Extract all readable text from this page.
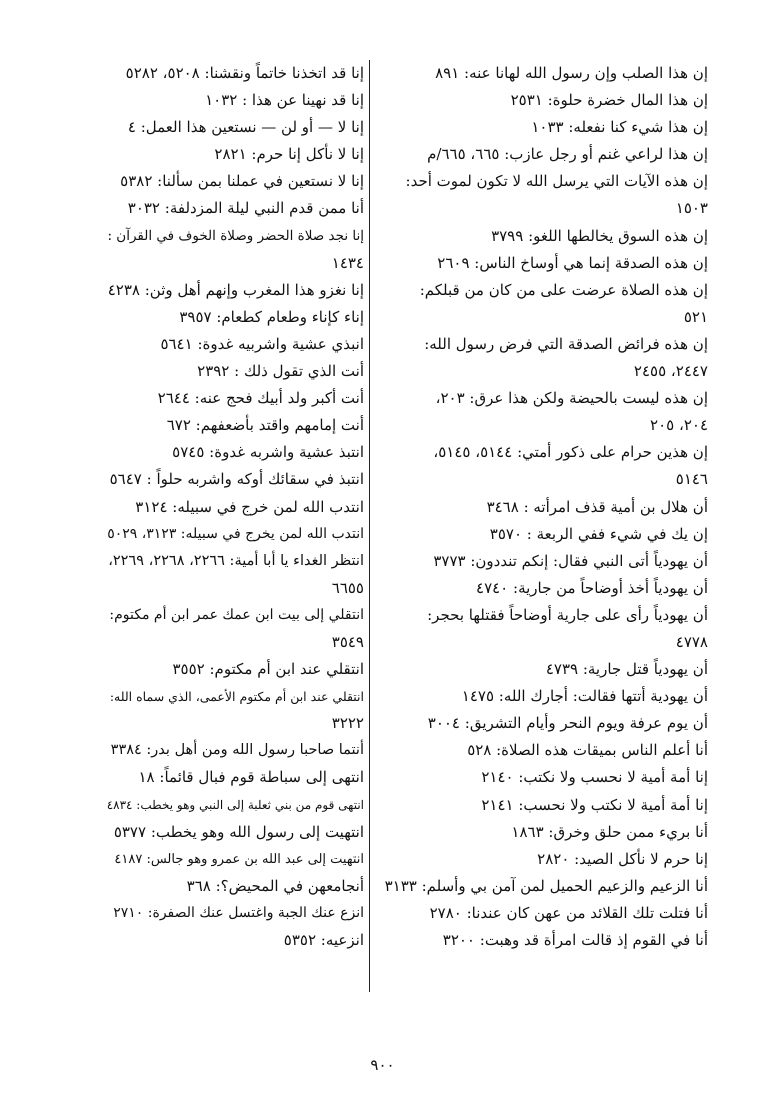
إن هذا الصلب وإن رسول الله لهانا عنه: ٨٩١

إن هذا المال خضرة حلوة: ٢٥٣١

إن هذا شيء كنا نفعله: ١٠٣٣

إن هذا لراعي غنم أو رجل عازب: ٦٦٥، ٦٦٥/م

إن هذه الآيات التي يرسل الله لا تكون لموت أحد:

١٥٠٣

إن هذه السوق يخالطها اللغو: ٣٧٩٩

إن هذه الصدقة إنما هي أوساخ الناس: ٢٦٠٩

إن هذه الصلاة عرضت على من كان من قبلكم:

٥٢١

إن هذه فرائض الصدقة التي فرض رسول الله:

٢٤٤٧، ٢٤٥٥

إن هذه ليست بالحيضة ولكن هذا عرق: ٢٠٣،

٢٠٤، ٢٠٥

إن هذين حرام على ذكور أمتي: ٥١٤٤، ٥١٤٥،

٥١٤٦

أن هلال بن أمية قذف امرأته : ٣٤٦٨

إن يك في شيء ففي الربعة : ٣٥٧٠

أن يهودياً أتى النبي فقال: إنكم تنددون: ٣٧٧٣

أن يهودياً أخذ أوضاحاً من جارية: ٤٧٤٠

أن يهودياً رأى على جارية أوضاحاً فقتلها بحجر:

٤٧٧٨

أن يهودياً قتل جارية: ٤٧٣٩

أن يهودية أتتها فقالت: أجارك الله: ١٤٧٥

أن يوم عرفة ويوم النحر وأيام التشريق: ٣٠٠٤

أنا أعلم الناس بميقات هذه الصلاة: ٥٢٨

إنا أمة أمية لا نحسب ولا نكتب: ٢١٤٠

إنا أمة أمية لا نكتب ولا نحسب: ٢١٤١

أنا بريء ممن حلق وخرق: ١٨٦٣

إنا حرم لا نأكل الصيد: ٢٨٢٠

أنا الزعيم والزعيم الحميل لمن آمن بي وأسلم: ٣١٣٣

أنا فتلت تلك القلائد من عهن كان عندنا: ٢٧٨٠

أنا في القوم إذ قالت امرأة قد وهبت: ٣٢٠٠

إنا قد اتخذنا خاتماً ونقشنا: ٥٢٠٨، ٥٢٨٢

إنا قد نهينا عن هذا : ١٠٣٢

إنا لا — أو لن — نستعين هذا العمل: ٤

إنا لا نأكل إنا حرم: ٢٨٢١

إنا لا نستعين في عملنا بمن سألنا: ٥٣٨٢

أنا ممن قدم النبي ليلة المزدلفة: ٣٠٣٢

إنا نجد صلاة الحضر وصلاة الخوف في القرآن :

١٤٣٤

إنا نغزو هذا المغرب وإنهم أهل وثن: ٤٢٣٨

إناء كإناء وطعام كطعام: ٣٩٥٧

انبذي عشية واشربيه غدوة: ٥٦٤١

أنت الذي تقول ذلك : ٢٣٩٢

أنت أكبر ولد أبيك فحج عنه: ٢٦٤٤

أنت إمامهم واقتد بأضعفهم: ٦٧٢

انتبذ عشية واشربه غدوة: ٥٧٤٥

انتبذ في سقائك أوكه واشربه حلواً : ٥٦٤٧

انتدب الله لمن خرج في سبيله: ٣١٢٤

انتدب الله لمن يخرج في سبيله: ٣١٢٣، ٥٠٢٩

انتظر الغداء يا أبا أمية: ٢٢٦٦، ٢٢٦٨، ٢٢٦٩،

٦٦٥٥

انتقلي إلى بيت ابن عمك عمر ابن أم مكتوم:

٣٥٤٩

انتقلي عند ابن أم مكتوم: ٣٥٥٢

انتقلي عند ابن أم مكتوم الأعمى، الذي سماه الله:

٣٢٢٢

أنتما صاحبا رسول الله ومن أهل بدر: ٣٣٨٤

انتهى إلى سباطة قوم فبال قائماً: ١٨

انتهى قوم من بني ثعلبة إلى النبي وهو يخطب: ٤٨٣٤

انتهيت إلى رسول الله وهو يخطب: ٥٣٧٧

انتهيت إلى عبد الله بن عمرو وهو جالس: ٤١٨٧

أنجامعهن في المحيض؟: ٣٦٨

انزع عنك الجبة واغتسل عنك الصفرة: ٢٧١٠

انزعيه: ٥٣٥٢

٩٠٠
